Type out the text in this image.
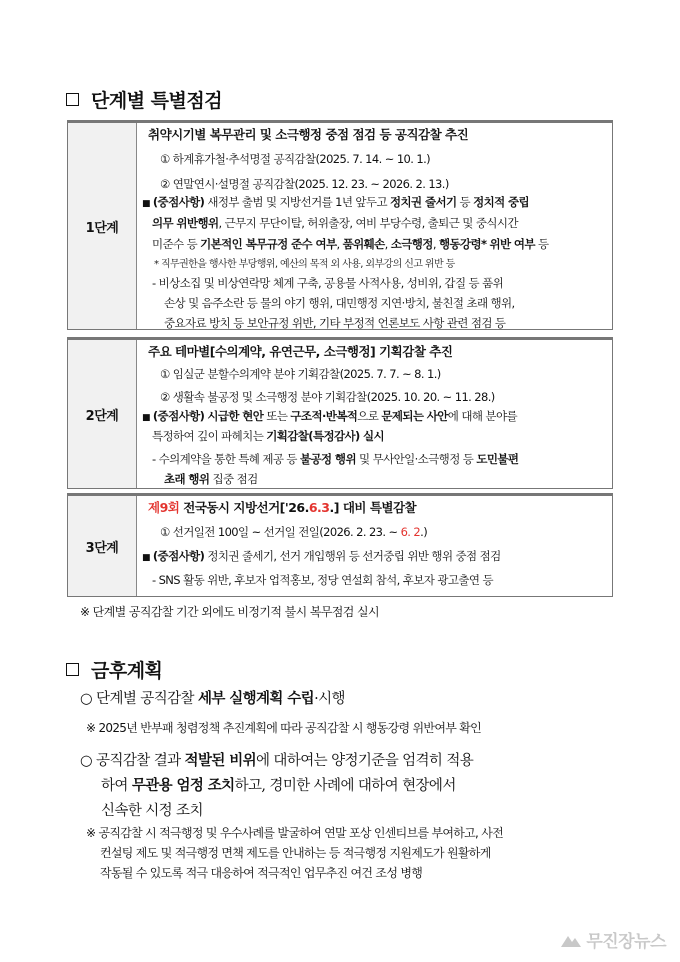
단계별 특별점검
1단계
취약시기별 복무관리 및 소극행정 중점 점검 등 공직감찰 추진
① 하계휴가철·추석명절 공직감찰(2025. 7. 14. ~ 10. 1.)
② 연말연시·설명절 공직감찰(2025. 12. 23. ~ 2026. 2. 13.)
■ (중점사항) 새정부 출범 및 지방선거를 1년 앞두고 정치권 줄서기 등 정치적 중립
의무 위반행위, 근무지 무단이탈, 허위출장, 여비 부당수령, 출퇴근 및 중식시간
미준수 등 기본적인 복무규정 준수 여부, 품위훼손, 소극행정, 행동강령* 위반 여부 등
* 직무권한을 행사한 부당행위, 예산의 목적 외 사용, 외부강의 신고 위반 등
- 비상소집 및 비상연락망 체계 구축, 공용물 사적사용, 성비위, 갑질 등 품위
손상 및 음주소란 등 물의 야기 행위, 대민행정 지연·방치, 불친절 초래 행위,
중요자료 방치 등 보안규정 위반, 기타 부정적 언론보도 사항 관련 점검 등
2단계
주요 테마별[수의계약, 유연근무, 소극행정] 기획감찰 추진
① 임실군 분할수의계약 분야 기획감찰(2025. 7. 7. ~ 8. 1.)
② 생활속 불공정 및 소극행정 분야 기획감찰(2025. 10. 20. ~ 11. 28.)
■ (중점사항) 시급한 현안 또는 구조적·반복적으로 문제되는 사안에 대해 분야를
특정하여 깊이 파헤치는 기획감찰(특정감사) 실시
- 수의계약을 통한 특혜 제공 등 불공정 행위 및 무사안일·소극행정 등 도민불편
초래 행위 집중 점검
3단계
제9회 전국동시 지방선거['26.6.3.] 대비 특별감찰
① 선거일전 100일 ~ 선거일 전일(2026. 2. 23. ~ 6. 2.)
■ (중점사항) 정치권 줄세기, 선거 개입행위 등 선거중립 위반 행위 중점 점검
- SNS 활동 위반, 후보자 업적홍보, 정당 연설회 참석, 후보자 광고출연 등
※ 단계별 공직감찰 기간 외에도 비정기적 불시 복무점검 실시
금후계획
○ 단계별 공직감찰 세부 실행계획 수립·시행
※ 2025년 반부패 청렴정책 추진계획에 따라 공직감찰 시 행동강령 위반여부 확인
○ 공직감찰 결과 적발된 비위에 대하여는 양정기준을 엄격히 적용
하여 무관용 엄정 조치하고, 경미한 사례에 대하여 현장에서
신속한 시정 조치
※ 공직감찰 시 적극행정 및 우수사례를 발굴하여 연말 포상 인센티브를 부여하고, 사전
컨설팅 제도 및 적극행정 면책 제도를 안내하는 등 적극행정 지원제도가 원활하게
작동될 수 있도록 적극 대응하여 적극적인 업무추진 여건 조성 병행
무진장뉴스
